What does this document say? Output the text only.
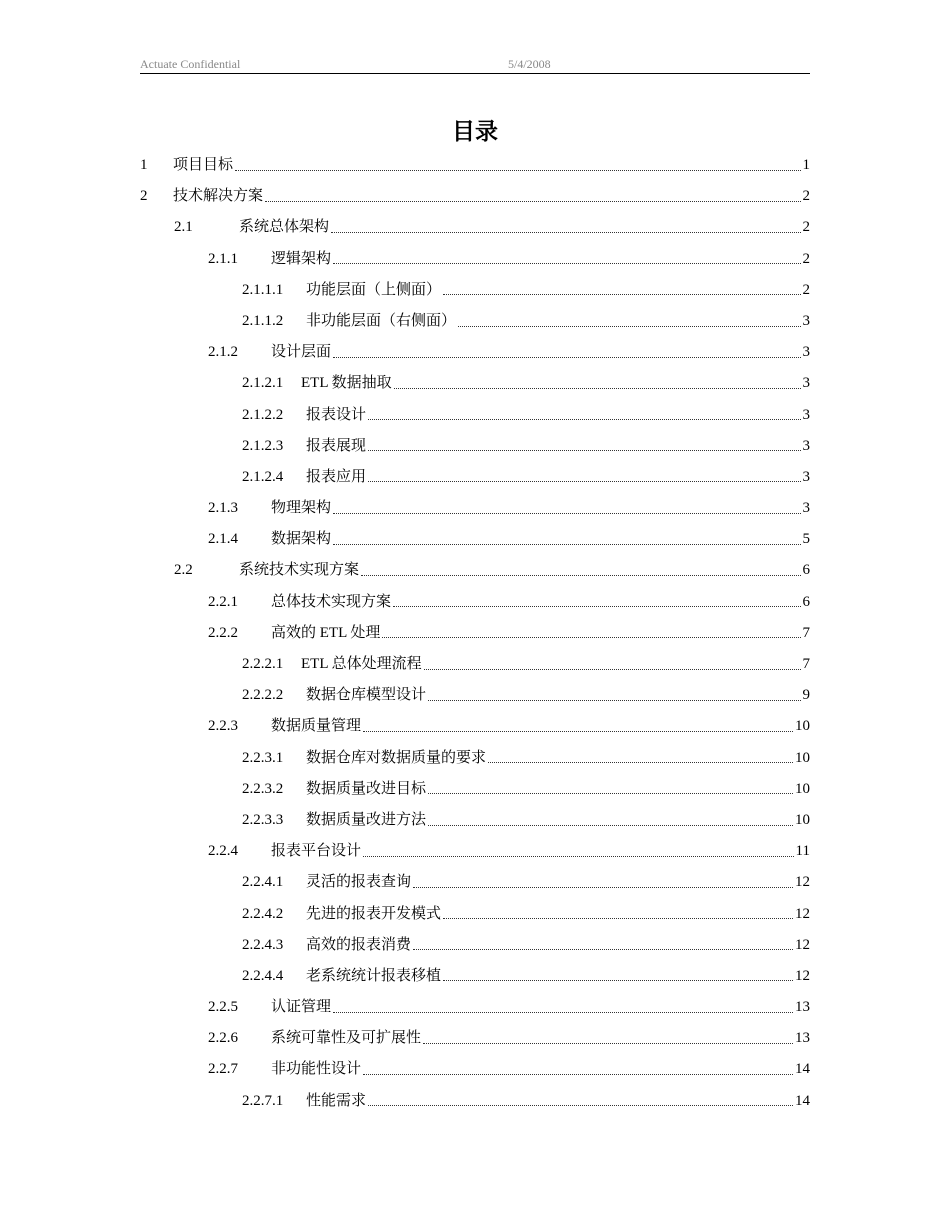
Actuate Confidential	5/4/2008
目录
1	项目目标	1
2	技术解决方案	2
2.1	系统总体架构	2
2.1.1	逻辑架构	2
2.1.1.1	功能层面（上侧面）	2
2.1.1.2	非功能层面（右侧面）	3
2.1.2	设计层面	3
2.1.2.1	ETL 数据抽取	3
2.1.2.2	报表设计	3
2.1.2.3	报表展现	3
2.1.2.4	报表应用	3
2.1.3	物理架构	3
2.1.4	数据架构	5
2.2	系统技术实现方案	6
2.2.1	总体技术实现方案	6
2.2.2	高效的 ETL 处理	7
2.2.2.1	ETL 总体处理流程	7
2.2.2.2	数据仓库模型设计	9
2.2.3	数据质量管理	10
2.2.3.1	数据仓库对数据质量的要求	10
2.2.3.2	数据质量改进目标	10
2.2.3.3	数据质量改进方法	10
2.2.4	报表平台设计	11
2.2.4.1	灵活的报表查询	12
2.2.4.2	先进的报表开发模式	12
2.2.4.3	高效的报表消费	12
2.2.4.4	老系统统计报表移植	12
2.2.5	认证管理	13
2.2.6	系统可靠性及可扩展性	13
2.2.7	非功能性设计	14
2.2.7.1	性能需求	14
